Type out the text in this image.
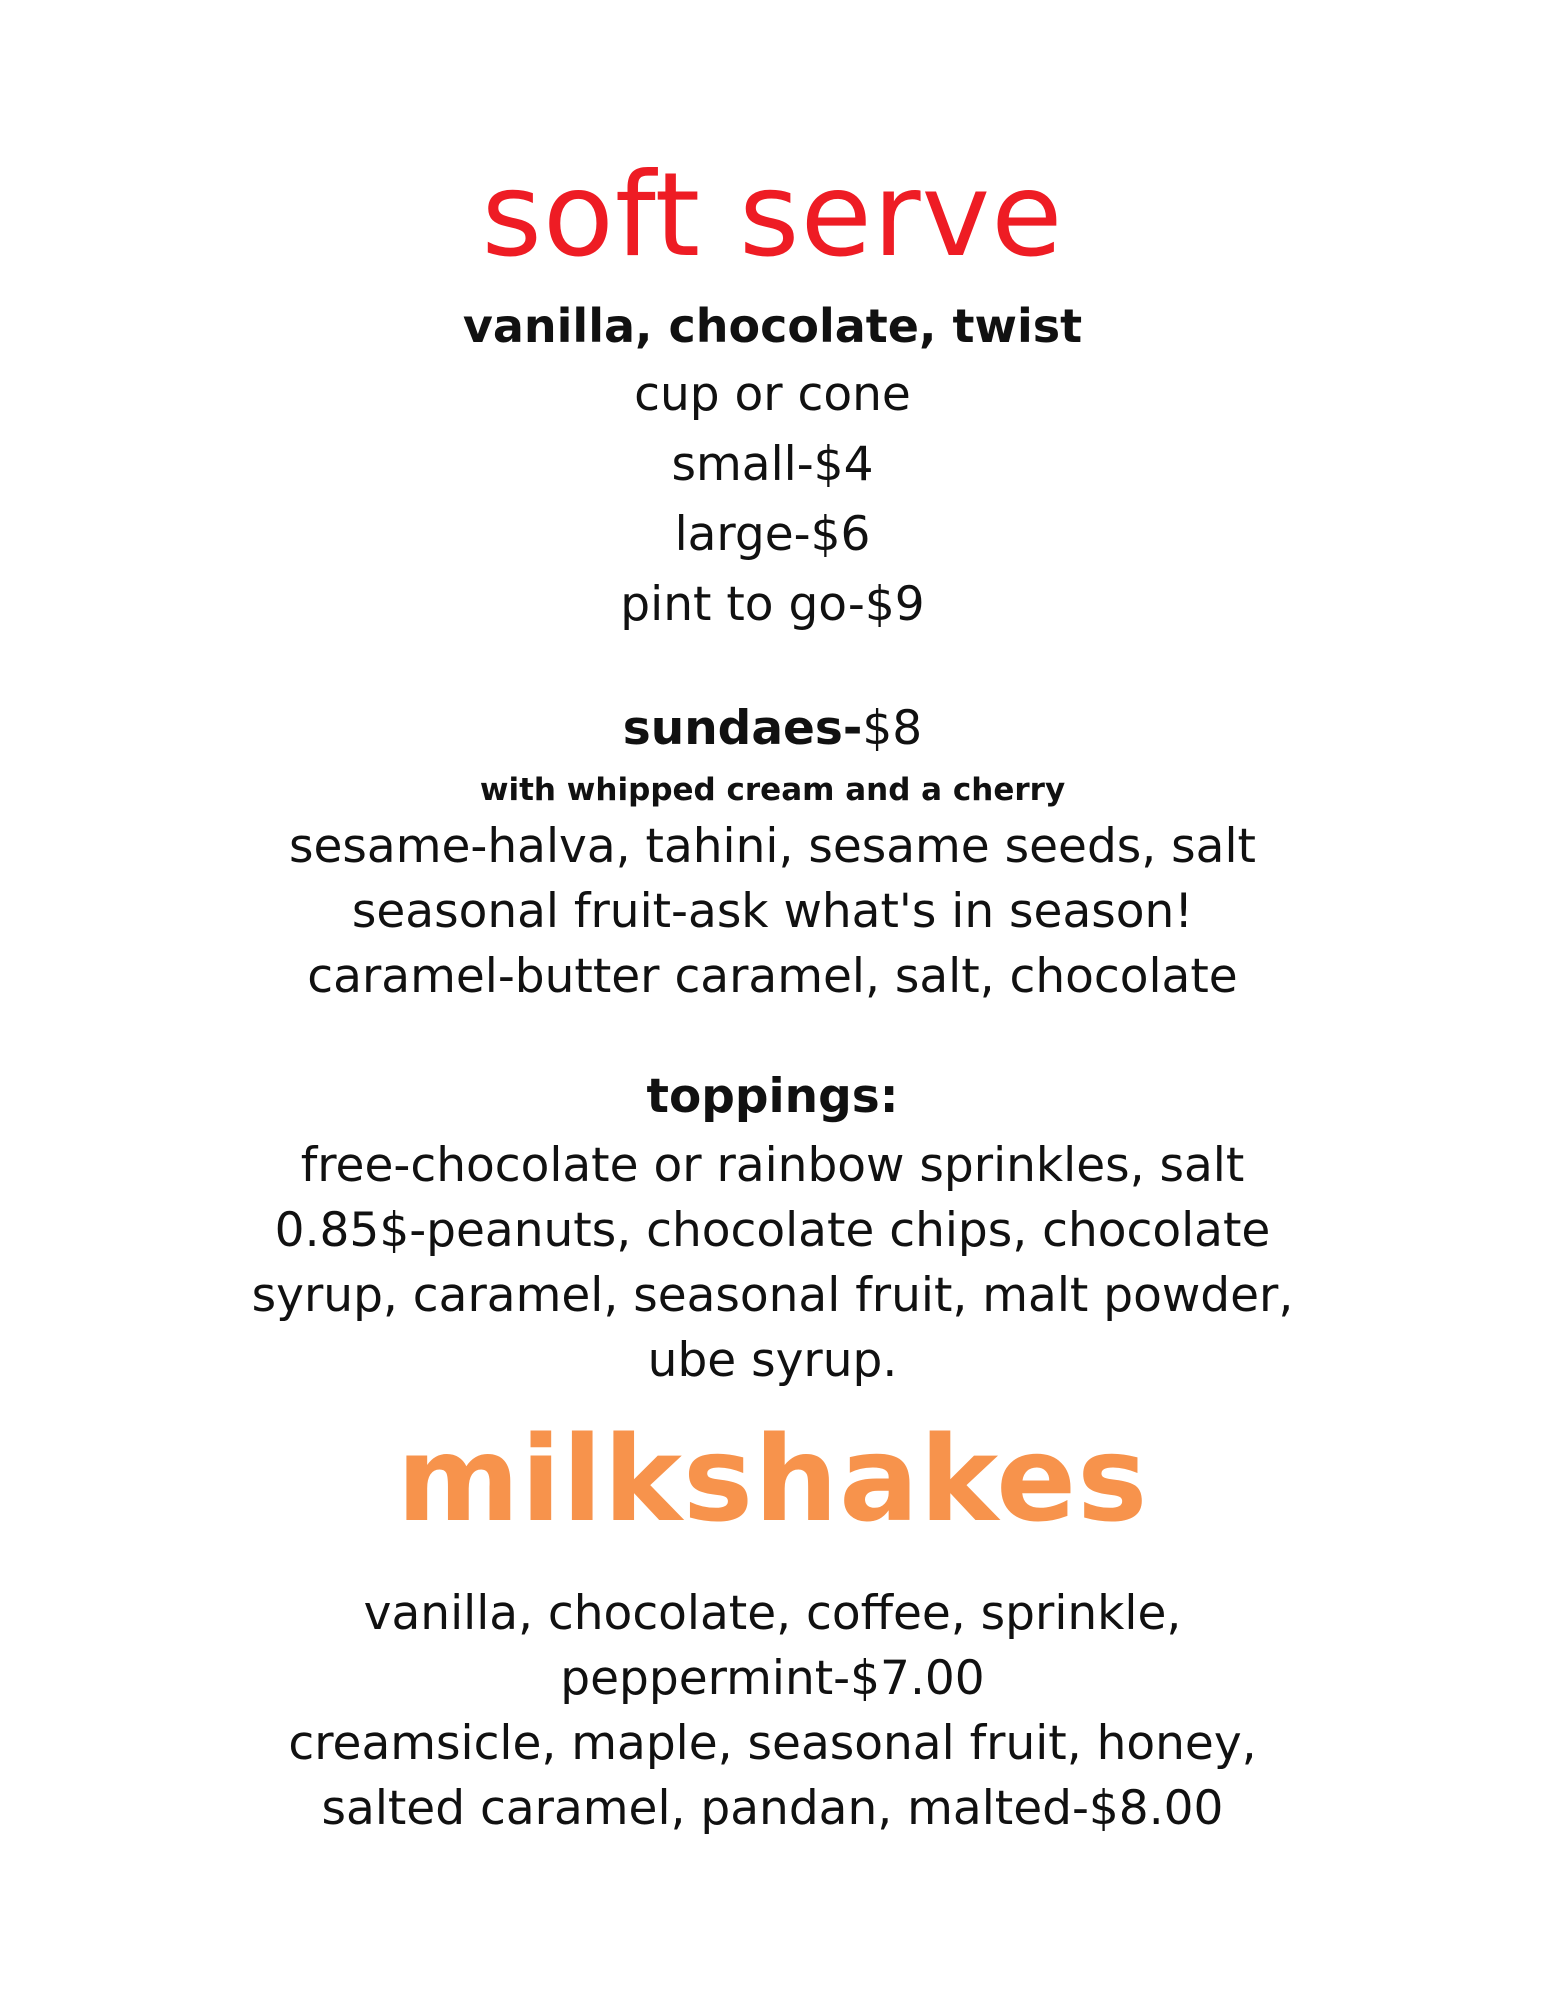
soft serve
vanilla, chocolate, twist
cup or cone
small-$4
large-$6
pint to go-$9
sundaes-$8
with whipped cream and a cherry
sesame-halva, tahini, sesame seeds, salt
seasonal fruit-ask what's in season!
caramel-butter caramel, salt, chocolate
toppings:
free-chocolate or rainbow sprinkles, salt
0.85$-peanuts, chocolate chips, chocolate
syrup, caramel, seasonal fruit, malt powder,
ube syrup.
milkshakes
vanilla, chocolate, coffee, sprinkle,
peppermint-$7.00
creamsicle, maple, seasonal fruit, honey,
salted caramel, pandan, malted-$8.00
